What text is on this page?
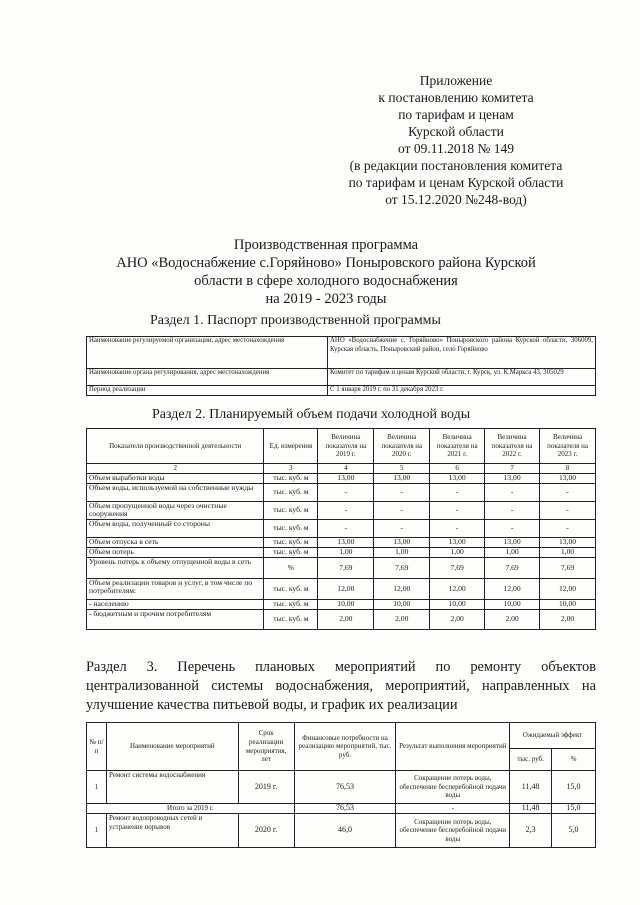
Приложение
к постановлению комитета
по тарифам и ценам
Курской области
от 09.11.2018 № 149
(в редакции постановления комитета
по тарифам и ценам Курской области
от 15.12.2020 №248-вод)
Производственная программа
АНО «Водоснабжение с.Горяйново» Поныровского района Курской
области в сфере холодного водоснабжения
на 2019 - 2023 годы
Раздел 1. Паспорт производственной программы
Наименование регулируемой организации, адрес местонахождения	АНО «Водоснабжение с. Горяйново» Поныровского района Курской области, 306009, Курская область, Поныровский район, село Горяйново
Наименование органа регулирования, адрес местонахождения	Комитет по тарифам и ценам Курской области, г. Курск, ул. К.Маркса 43, 305029
Период реализации	С 1 января 2019 г. по 31 декабря 2023 г.
Раздел 2. Планируемый объем подачи холодной воды
Показатели производственной деятельности	Ед. измерения	Величина показателя на 2019 г.	Величина показателя на 2020 г.	Величина показателя на 2021 г.	Величина показателя на 2022 г.	Величина показателя на 2023 г.
2	3	4	5	6	7	8
Объем выработки воды	тыс. куб. м	13,00	13,00	13,00	13,00	13,00
Объем воды, используемой на собственные нужды	тыс. куб. м	-	-	-	-	-
Объем пропущенной воды через очистные сооружения	тыс. куб. м	-	-	-	-	-
Объем воды, полученный со стороны	тыс. куб. м	-	-	-	-	-
Объем отпуска в сеть	тыс. куб. м	13,00	13,00	13,00	13,00	13,00
Объем потерь	тыс. куб. м	1,00	1,00	1,00	1,00	1,00
Уровень потерь к объему отпущенной воды в сеть	%	7,69	7,69	7,69	7,69	7,69
Объем реализации товаров и услуг, в том числе по потребителям:	тыс. куб. м	12,00	12,00	12,00	12,00	12,00
- населению	тыс. куб. м	10,00	10,00	10,00	10,00	10,00
- бюджетным и прочим потребителям	тыс. куб. м	2,00	2,00	2,00	2,00	2,00
Раздел 3. Перечень плановых мероприятий по ремонту объектов централизованной системы водоснабжения, мероприятий, направленных на улучшение качества питьевой воды, и график их реализации
№ п/п	Наименование мероприятий	Срок реализации мероприятия, лет	Финансовые потребности на реализацию мероприятий, тыс. руб.	Результат выполнения мероприятий	Ожидаемый эффект	
					тыс. руб.	%
1	Ремонт системы водоснабжения	2019 г.	76,53	Сокращение потерь воды, обеспечение бесперебойной подачи воды	11,48	15,0
Итого за 2019 г.			76,53	-	11,48	15,0
1	Ремонт водопроводных сетей и устранение порывов	2020 г.	46,0	Сокращение потерь воды, обеспечение бесперебойной подачи воды	2,3	5,0
